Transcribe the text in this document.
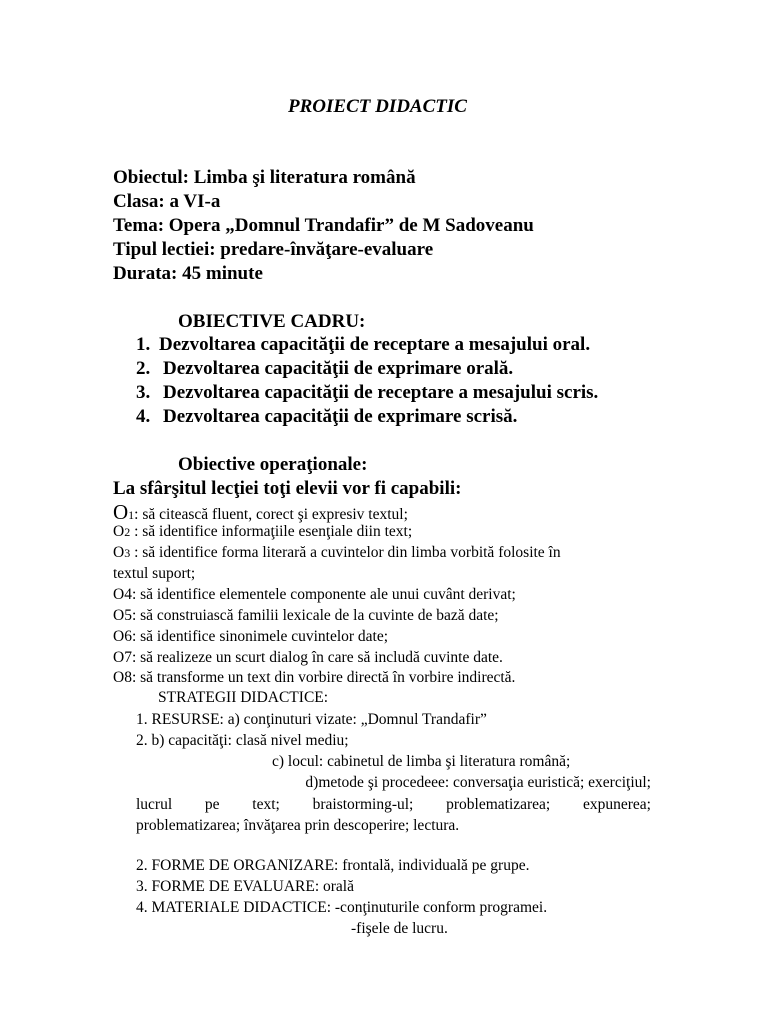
PROIECT DIDACTIC
Obiectul: Limba şi literatura română
Clasa: a VI-a
Tema: Opera „Domnul Trandafir” de M Sadoveanu
Tipul lectiei: predare-învăţare-evaluare
Durata: 45 minute
OBIECTIVE CADRU:
1. Dezvoltarea capacităţii de receptare a mesajului oral.
2. Dezvoltarea capacităţii de exprimare orală.
3. Dezvoltarea capacităţii de receptare a mesajului scris.
4. Dezvoltarea capacităţii de exprimare scrisă.
Obiective operaţionale:
La sfârşitul lecţiei toţi elevii vor fi capabili:
O1: să citească fluent, corect şi expresiv textul;
O2 : să identifice informaţiile esenţiale diin text;
O3 : să identifice forma literară a cuvintelor din limba vorbită folosite în
textul suport;
O4: să identifice elementele componente ale unui cuvânt derivat;
O5: să construiască familii lexicale de la cuvinte de bază date;
O6: să identifice sinonimele cuvintelor date;
O7: să realizeze un scurt dialog în care să includă cuvinte date.
O8: să transforme un text din vorbire directă în vorbire indirectă.
STRATEGII DIDACTICE:
1. RESURSE: a) conţinuturi vizate: „Domnul Trandafir”
2. b) capacităţi: clasă nivel mediu;
c) locul: cabinetul de limba şi literatura română;
d)metode şi procedeee: conversaţia euristică; exerciţiul;
lucrul pe text; braistorming-ul; problematizarea; expunerea;
problematizarea; învăţarea prin descoperire; lectura.
2. FORME DE ORGANIZARE: frontală, individuală pe grupe.
3. FORME DE EVALUARE: orală
4. MATERIALE DIDACTICE: -conţinuturile conform programei.
-fişele de lucru.
